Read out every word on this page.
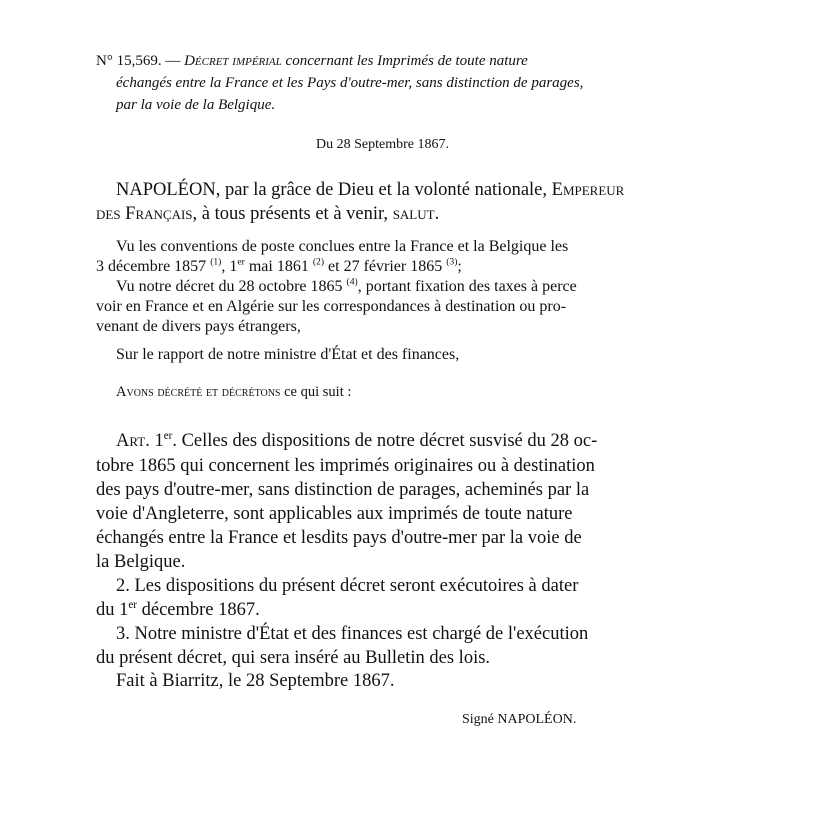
N° 15,569. — Décret impérial concernant les Imprimés de toute nature
échangés entre la France et les Pays d'outre-mer, sans distinction de parages,
par la voie de la Belgique.
Du 28 Septembre 1867.
NAPOLÉON, par la grâce de Dieu et la volonté nationale, Empereur
des Français, à tous présents et à venir, salut.
Vu les conventions de poste conclues entre la France et la Belgique les
3 décembre 1857 $^{(1)}$, 1er mai 1861 $^{(2)}$ et 27 février 1865 $^{(3)}$;
Vu notre décret du 28 octobre 1865 $^{(4)}$, portant fixation des taxes à perce
voir en France et en Algérie sur les correspondances à destination ou pro-
venant de divers pays étrangers,
Sur le rapport de notre ministre d'État et des finances,
Avons décrété et décrétons ce qui suit :
Art. 1er. Celles des dispositions de notre décret susvisé du 28 oc-
tobre 1865 qui concernent les imprimés originaires ou à destination
des pays d'outre-mer, sans distinction de parages, acheminés par la
voie d'Angleterre, sont applicables aux imprimés de toute nature
échangés entre la France et lesdits pays d'outre-mer par la voie de
la Belgique.
2. Les dispositions du présent décret seront exécutoires à dater
du 1er décembre 1867.
3. Notre ministre d'État et des finances est chargé de l'exécution
du présent décret, qui sera inséré au Bulletin des lois.
Fait à Biarritz, le 28 Septembre 1867.
Signé NAPOLÉON.
